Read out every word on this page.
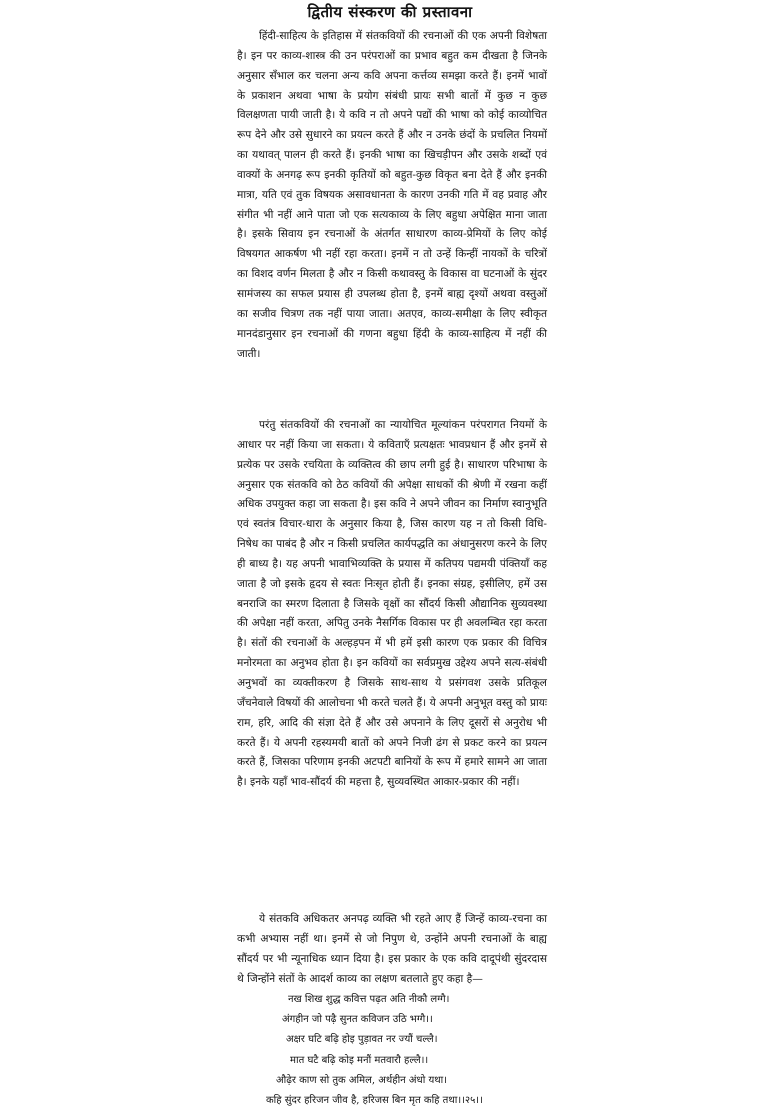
द्वितीय संस्करण की प्रस्तावना

हिंदी-साहित्य के इतिहास में संतकवियों की रचनाओं की एक अपनी विशेषता है। इन पर काव्य-शास्त्र की उन परंपराओं का प्रभाव बहुत कम दीखता है जिनके अनुसार सँभाल कर चलना अन्य कवि अपना कर्त्तव्य समझा करते हैं। इनमें भावों के प्रकाशन अथवा भाषा के प्रयोग संबंधी प्रायः सभी बातों में कुछ न कुछ विलक्षणता पायी जाती है। ये कवि न तो अपने पद्यों की भाषा को कोई काव्योचित रूप देने और उसे सुधारने का प्रयत्न करते हैं और न उनके छंदों के प्रचलित नियमों का यथावत् पालन ही करते हैं। इनकी भाषा का खिचड़ीपन और उसके शब्दों एवं वाक्यों के अनगढ़ रूप इनकी कृतियों को बहुत-कुछ विकृत बना देते हैं और इनकी मात्रा, यति एवं तुक विषयक असावधानता के कारण उनकी गति में वह प्रवाह और संगीत भी नहीं आने पाता जो एक सत्यकाव्य के लिए बहुधा अपेक्षित माना जाता है। इसके सिवाय इन रचनाओं के अंतर्गत साधारण काव्य-प्रेमियों के लिए कोई विषयगत आकर्षण भी नहीं रहा करता। इनमें न तो उन्हें किन्हीं नायकों के चरित्रों का विशद वर्णन मिलता है और न किसी कथावस्तु के विकास वा घटनाओं के सुंदर सामंजस्य का सफल प्रयास ही उपलब्ध होता है, इनमें बाह्य दृश्यों अथवा वस्तुओं का सजीव चित्रण तक नहीं पाया जाता। अतएव, काव्य-समीक्षा के लिए स्वीकृत मानदंडानुसार इन रचनाओं की गणना बहुधा हिंदी के काव्य-साहित्य में नहीं की जाती।

परंतु संतकवियों की रचनाओं का न्यायोचित मूल्यांकन परंपरागत नियमों के आधार पर नहीं किया जा सकता। ये कविताएँ प्रत्यक्षतः भावप्रधान हैं और इनमें से प्रत्येक पर उसके रचयिता के व्यक्तित्व की छाप लगी हुई है। साधारण परिभाषा के अनुसार एक संतकवि को ठेठ कवियों की अपेक्षा साधकों की श्रेणी में रखना कहीं अधिक उपयुक्त कहा जा सकता है। इस कवि ने अपने जीवन का निर्माण स्वानुभूति एवं स्वतंत्र विचार-धारा के अनुसार किया है, जिस कारण यह न तो किसी विधि-निषेध का पाबंद है और न किसी प्रचलित कार्यपद्धति का अंधानुसरण करने के लिए ही बाध्य है। यह अपनी भावाभिव्यक्ति के प्रयास में कतिपय पद्यमयी पंक्तियाँ कह जाता है जो इसके हृदय से स्वतः निःसृत होती हैं। इनका संग्रह, इसीलिए, हमें उस बनराजि का स्मरण दिलाता है जिसके वृक्षों का सौंदर्य किसी औद्यानिक सुव्यवस्था की अपेक्षा नहीं करता, अपितु उनके नैसर्गिक विकास पर ही अवलम्बित रहा करता है। संतों की रचनाओं के अल्हड़पन में भी हमें इसी कारण एक प्रकार की विचित्र मनोरमता का अनुभव होता है। इन कवियों का सर्वप्रमुख उद्देश्य अपने सत्य-संबंधी अनुभवों का व्यक्तीकरण है जिसके साथ-साथ ये प्रसंगवश उसके प्रतिकूल जँचनेवाले विषयों की आलोचना भी करते चलते हैं। ये अपनी अनुभूत वस्तु को प्रायः राम, हरि, आदि की संज्ञा देते हैं और उसे अपनाने के लिए दूसरों से अनुरोध भी करते हैं। ये अपनी रहस्यमयी बातों को अपने निजी ढंग से प्रकट करने का प्रयत्न करते हैं, जिसका परिणाम इनकी अटपटी बानियों के रूप में हमारे सामने आ जाता है। इनके यहाँ भाव-सौंदर्य की महत्ता है, सुव्यवस्थित आकार-प्रकार की नहीं।

ये संतकवि अधिकतर अनपढ़ व्यक्ति भी रहते आए हैं जिन्हें काव्य-रचना का कभी अभ्यास नहीं था। इनमें से जो निपुण थे, उन्होंने अपनी रचनाओं के बाह्य सौंदर्य पर भी न्यूनाधिक ध्यान दिया है। इस प्रकार के एक कवि दादूपंथी सुंदरदास थे जिन्होंने संतों के आदर्श काव्य का लक्षण बतलाते हुए कहा है—

नख शिख शुद्ध कवित्त पढ़त अति नीकौ लग्गै।
अंगहीन जो पढ़ै सुनत कविजन उठि भग्गै।।
अक्षर घटि बढ़ि होइ पुड़ावत नर ज्यौं चल्लै।
मात घटै बढ़ि कोइ मनौं मतवारौ हल्लै।।
औढ़ेर काण सो तुक अमिल, अर्थहीन अंधो यथा।
कहि सुंदर हरिजन जीव है, हरिजस बिन मृत कहि तथा।।२५।।
